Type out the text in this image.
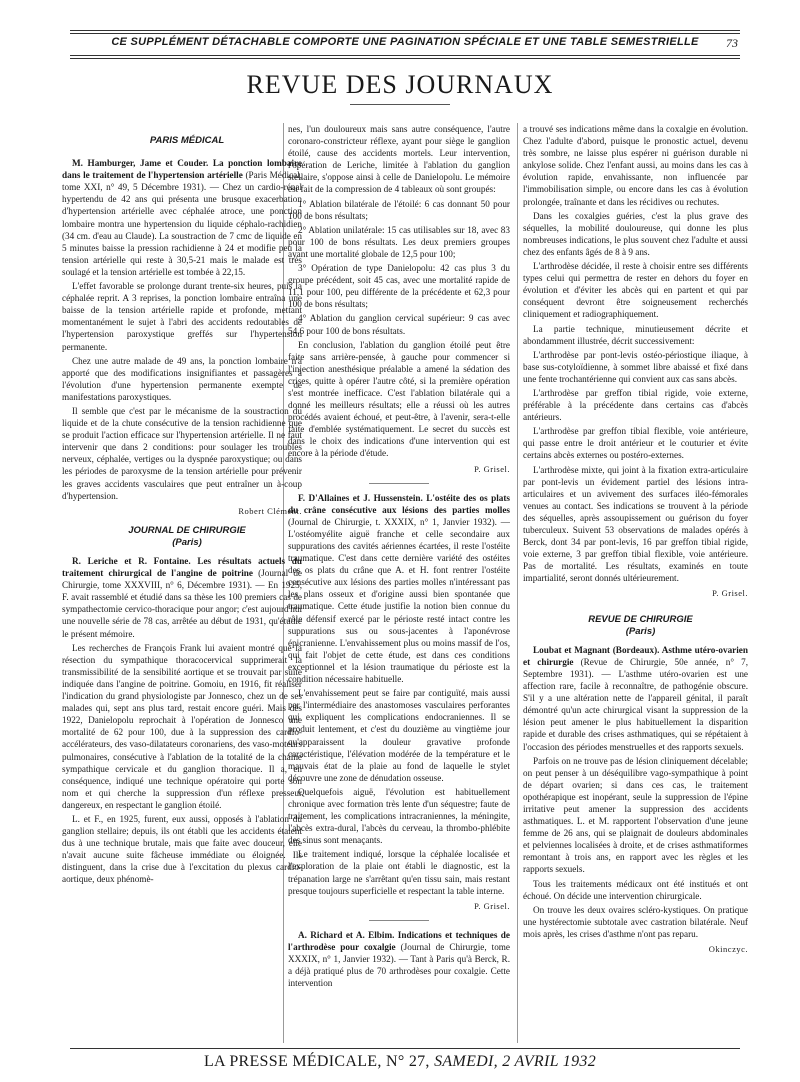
CE SUPPLÉMENT DÉTACHABLE COMPORTE UNE PAGINATION SPÉCIALE ET UNE TABLE SEMESTRIELLE	73
REVUE DES JOURNAUX

PARIS MÉDICAL

M. Hamburger, Jame et Couder. La ponction lombaire dans le traitement de l'hypertension artérielle (Paris Médical, tome XXI, n° 49, 5 Décembre 1931). — Chez un cardio-rénal hypertendu de 42 ans qui présenta une brusque exacerbation d'hypertension artérielle avec céphalée atroce, une ponction lombaire montra une hypertension du liquide céphalo-rachidien (34 cm. d'eau au Claude). La soustraction de 7 cmc de liquide en 5 minutes baisse la pression rachidienne à 24 et modifie peu la tension artérielle qui reste à 30,5-21 mais le malade est très soulagé et la tension artérielle est tombée à 22,15.

L'effet favorable se prolonge durant trente-six heures, puis la céphalée reprit. A 3 reprises, la ponction lombaire entraîna une baisse de la tension artérielle rapide et profonde, mettant momentanément le sujet à l'abri des accidents redoutables de l'hypertension paroxystique greffés sur l'hypertension permanente.

Chez une autre malade de 49 ans, la ponction lombaire n'a apporté que des modifications insignifiantes et passagères à l'évolution d'une hypertension permanente exempte de manifestations paroxystiques.

Il semble que c'est par le mécanisme de la soustraction du liquide et de la chute consécutive de la tension rachidienne que se produit l'action efficace sur l'hypertension artérielle. Il ne faut intervenir que dans 2 conditions: pour soulager les troubles nerveux, céphalée, vertiges ou la dyspnée paroxystique; ou dans les périodes de paroxysme de la tension artérielle pour prévenir les graves accidents vasculaires que peut entraîner un à-coup d'hypertension.

Robert Clément.

JOURNAL DE CHIRURGIE

(Paris)

R. Leriche et R. Fontaine. Les résultats actuels du traitement chirurgical de l'angine de poitrine (Journal de Chirurgie, tome XXXVIII, n° 6, Décembre 1931). — En 1925, F. avait rassemblé et étudié dans sa thèse les 100 premiers cas de sympathectomie cervico-thoracique pour angor; c'est aujourd'hui une nouvelle série de 78 cas, arrêtée au début de 1931, qu'étudie le présent mémoire.

Les recherches de François Frank lui avaient montré que la résection du sympathique thoracocervical supprimerait la transmissibilité de la sensibilité aortique et se trouvait par suite indiquée dans l'angine de poitrine. Gomoiu, en 1916, fit réaliser l'indication du grand physiologiste par Jonnesco, chez un de ses malades qui, sept ans plus tard, restait encore guéri. Mais dès 1922, Danielopolu reprochait à l'opération de Jonnesco une mortalité de 62 pour 100, due à la suppression des cardio-accélérateurs, des vaso-dilatateurs coronariens, des vaso-moteurs pulmonaires, consécutive à l'ablation de la totalité de la chaîne sympathique cervicale et du ganglion thoracique. Il a, en conséquence, indiqué une technique opératoire qui porte son nom et qui cherche la suppression d'un réflexe presseur dangereux, en respectant le ganglion étoilé.

L. et F., en 1925, furent, eux aussi, opposés à l'ablation du ganglion stellaire; depuis, ils ont établi que les accidents étaient dus à une technique brutale, mais que faite avec douceur, elle n'avait aucune suite fâcheuse immédiate ou éloignée. Ils distinguent, dans la crise due à l'excitation du plexus cardio-aortique, deux phénomè-

nes, l'un douloureux mais sans autre conséquence, l'autre coronaro-constricteur réflexe, ayant pour siège le ganglion étoilé, cause des accidents mortels. Leur intervention, l'opération de Leriche, limitée à l'ablation du ganglion stellaire, s'oppose ainsi à celle de Danielopolu. Le mémoire est fait de la compression de 4 tableaux où sont groupés:

1° Ablation bilatérale de l'étoilé: 6 cas donnant 50 pour 100 de bons résultats;

2° Ablation unilatérale: 15 cas utilisables sur 18, avec 83 pour 100 de bons résultats. Les deux premiers groupes ayant une mortalité globale de 12,5 pour 100;

3° Opération de type Danielopolu: 42 cas plus 3 du groupe précédent, soit 45 cas, avec une mortalité rapide de 11,1 pour 100, peu différente de la précédente et 62,3 pour 100 de bons résultats;

4° Ablation du ganglion cervical supérieur: 9 cas avec 54,6 pour 100 de bons résultats.

En conclusion, l'ablation du ganglion étoilé peut être faite sans arrière-pensée, à gauche pour commencer si l'injection anesthésique préalable a amené la sédation des crises, quitte à opérer l'autre côté, si la première opération s'est montrée inefficace. C'est l'ablation bilatérale qui a donné les meilleurs résultats; elle a réussi où les autres procédés avaient échoué, et peut-être, à l'avenir, sera-t-elle faite d'emblée systématiquement. Le secret du succès est dans le choix des indications d'une intervention qui est encore à la période d'étude.

P. Grisel.

F. D'Allaines et J. Hussenstein. L'ostéite des os plats du crâne consécutive aux lésions des parties molles (Journal de Chirurgie, t. XXXIX, n° 1, Janvier 1932). — L'ostéomyélite aiguë franche et celle secondaire aux suppurations des cavités aériennes écartées, il reste l'ostéite traumatique. C'est dans cette dernière variété des ostéites des os plats du crâne que A. et H. font rentrer l'ostéite consécutive aux lésions des parties molles n'intéressant pas les plans osseux et d'origine aussi bien spontanée que traumatique. Cette étude justifie la notion bien connue du rôle défensif exercé par le périoste resté intact contre les suppurations sus ou sous-jacentes à l'aponévrose épicranienne. L'envahissement plus ou moins massif de l'os, qui fait l'objet de cette étude, est dans ces conditions exceptionnel et la lésion traumatique du périoste est la condition nécessaire habituelle.

L'envahissement peut se faire par contiguïté, mais aussi par l'intermédiaire des anastomoses vasculaires perforantes qui expliquent les complications endocraniennes. Il se produit lentement, et c'est du douzième au vingtième jour qu'apparaissent la douleur gravative profonde caractéristique, l'élévation modérée de la température et le mauvais état de la plaie au fond de laquelle le stylet découvre une zone de dénudation osseuse.

Quelquefois aiguë, l'évolution est habituellement chronique avec formation très lente d'un séquestre; faute de traitement, les complications intracraniennes, la méningite, l'abcès extra-dural, l'abcès du cerveau, la thrombo-phlébite des sinus sont menaçants.

Le traitement indiqué, lorsque la céphalée localisée et l'exploration de la plaie ont établi le diagnostic, est la trépanation large ne s'arrêtant qu'en tissu sain, mais restant presque toujours superficielle et respectant la table interne.

P. Grisel.

A. Richard et A. Elbim. Indications et techniques de l'arthrodèse pour coxalgie (Journal de Chirurgie, tome XXXIX, n° 1, Janvier 1932). — Tant à Paris qu'à Berck, R. a déjà pratiqué plus de 70 arthrodèses pour coxalgie. Cette intervention

a trouvé ses indications même dans la coxalgie en évolution. Chez l'adulte d'abord, puisque le pronostic actuel, devenu très sombre, ne laisse plus espérer ni guérison durable ni ankylose solide. Chez l'enfant aussi, au moins dans les cas à évolution rapide, envahissante, non influencée par l'immobilisation simple, ou encore dans les cas à évolution prolongée, traînante et dans les récidives ou rechutes.

Dans les coxalgies guéries, c'est la plus grave des séquelles, la mobilité douloureuse, qui donne les plus nombreuses indications, le plus souvent chez l'adulte et aussi chez des enfants âgés de 8 à 9 ans.

L'arthrodèse décidée, il reste à choisir entre ses différents types celui qui permettra de rester en dehors du foyer en évolution et d'éviter les abcès qui en partent et qui par conséquent devront être soigneusement recherchés cliniquement et radiographiquement.

La partie technique, minutieusement décrite et abondamment illustrée, décrit successivement:

L'arthrodèse par pont-levis ostéo-périostique iliaque, à base sus-cotyloïdienne, à sommet libre abaissé et fixé dans une fente trochantérienne qui convient aux cas sans abcès.

L'arthrodèse par greffon tibial rigide, voie externe, préférable à la précédente dans certains cas d'abcès antérieurs.

L'arthrodèse par greffon tibial flexible, voie antérieure, qui passe entre le droit antérieur et le couturier et évite certains abcès externes ou postéro-externes.

L'arthrodèse mixte, qui joint à la fixation extra-articulaire par pont-levis un évidement partiel des lésions intra-articulaires et un avivement des surfaces iléo-fémorales venues au contact. Ses indications se trouvent à la période des séquelles, après assoupissement ou guérison du foyer tuberculeux. Suivent 53 observations de malades opérés à Berck, dont 34 par pont-levis, 16 par greffon tibial rigide, voie externe, 3 par greffon tibial flexible, voie antérieure. Pas de mortalité. Les résultats, examinés en toute impartialité, seront donnés ultérieurement.

P. Grisel.

REVUE DE CHIRURGIE

(Paris)

Loubat et Magnant (Bordeaux). Asthme utéro-ovarien et chirurgie (Revue de Chirurgie, 50e année, n° 7, Septembre 1931). — L'asthme utéro-ovarien est une affection rare, facile à reconnaître, de pathogénie obscure. S'il y a une altération nette de l'appareil génital, il paraît démontré qu'un acte chirurgical visant la suppression de la lésion peut amener le plus habituellement la disparition rapide et durable des crises asthmatiques, qui se répétaient à l'occasion des périodes menstruelles et des rapports sexuels.

Parfois on ne trouve pas de lésion cliniquement décelable; on peut penser à un déséquilibre vago-sympathique à point de départ ovarien; si dans ces cas, le traitement opothérapique est inopérant, seule la suppression de l'épine irritative peut amener la suppression des accidents asthmatiques. L. et M. rapportent l'observation d'une jeune femme de 26 ans, qui se plaignait de douleurs abdominales et pelviennes localisées à droite, et de crises asthmatiformes remontant à trois ans, en rapport avec les règles et les rapports sexuels.

Tous les traitements médicaux ont été institués et ont échoué. On décide une intervention chirurgicale.

On trouve les deux ovaires scléro-kystiques. On pratique une hystérectomie subtotale avec castration bilatérale. Neuf mois après, les crises d'asthme n'ont pas reparu.

Okinczyc.

LA PRESSE MÉDICALE, N° 27, SAMEDI, 2 AVRIL 1932
